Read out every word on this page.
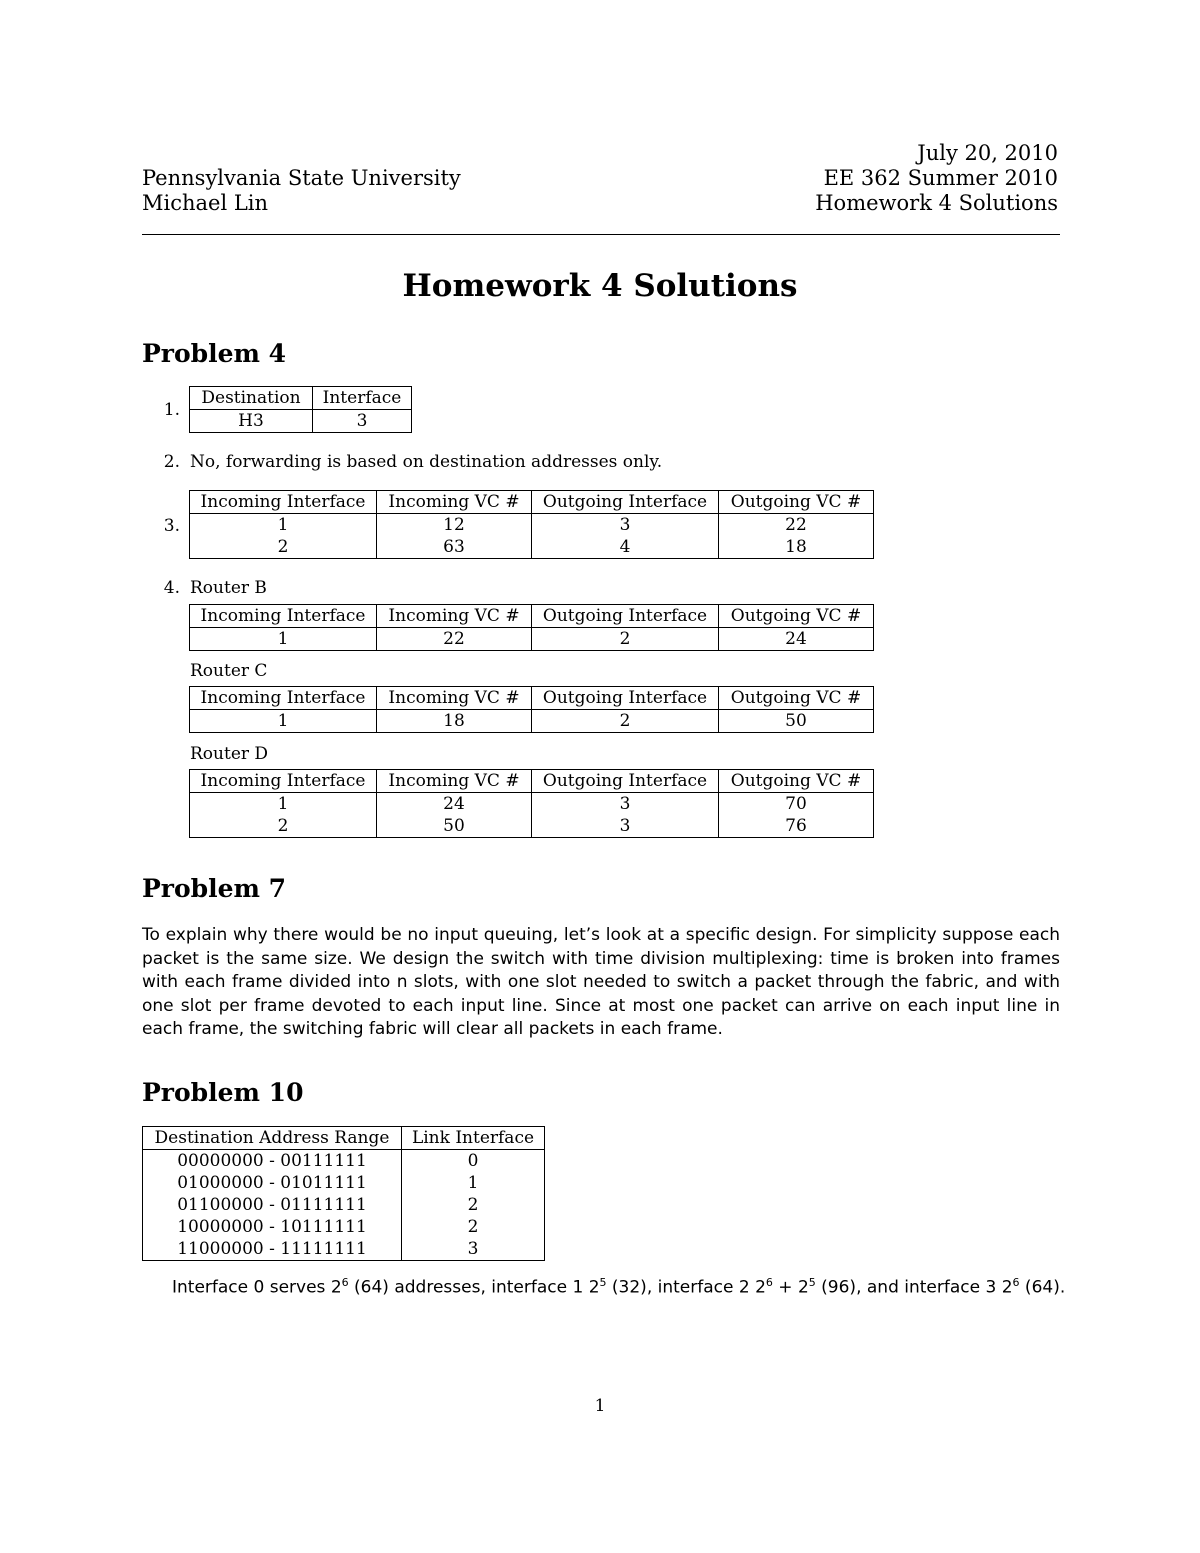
July 20, 2010
Pennsylvania State University	EE 362 Summer 2010
Michael Lin	Homework 4 Solutions
Homework 4 Solutions
Problem 4
1.
Destination	Interface
H3	3
2. No, forwarding is based on destination addresses only.
3.
Incoming Interface	Incoming VC #	Outgoing Interface	Outgoing VC #
1	12	3	22
2	63	4	18
4. Router B
Incoming Interface	Incoming VC #	Outgoing Interface	Outgoing VC #
1	22	2	24
Router C
Incoming Interface	Incoming VC #	Outgoing Interface	Outgoing VC #
1	18	2	50
Router D
Incoming Interface	Incoming VC #	Outgoing Interface	Outgoing VC #
1	24	3	70
2	50	3	76
Problem 7
To explain why there would be no input queuing, let’s look at a specific design. For simplicity suppose each packet is the same size. We design the switch with time division multiplexing: time is broken into frames with each frame divided into n slots, with one slot needed to switch a packet through the fabric, and with one slot per frame devoted to each input line. Since at most one packet can arrive on each input line in each frame, the switching fabric will clear all packets in each frame.
Problem 10
Destination Address Range	Link Interface
00000000 - 00111111	0
01000000 - 01011111	1
01100000 - 01111111	2
10000000 - 10111111	2
11000000 - 11111111	3
Interface 0 serves $2^6$ (64) addresses, interface 1 $2^5$ (32), interface 2 $2^6 + 2^5$ (96), and interface 3 $2^6$ (64).
1
